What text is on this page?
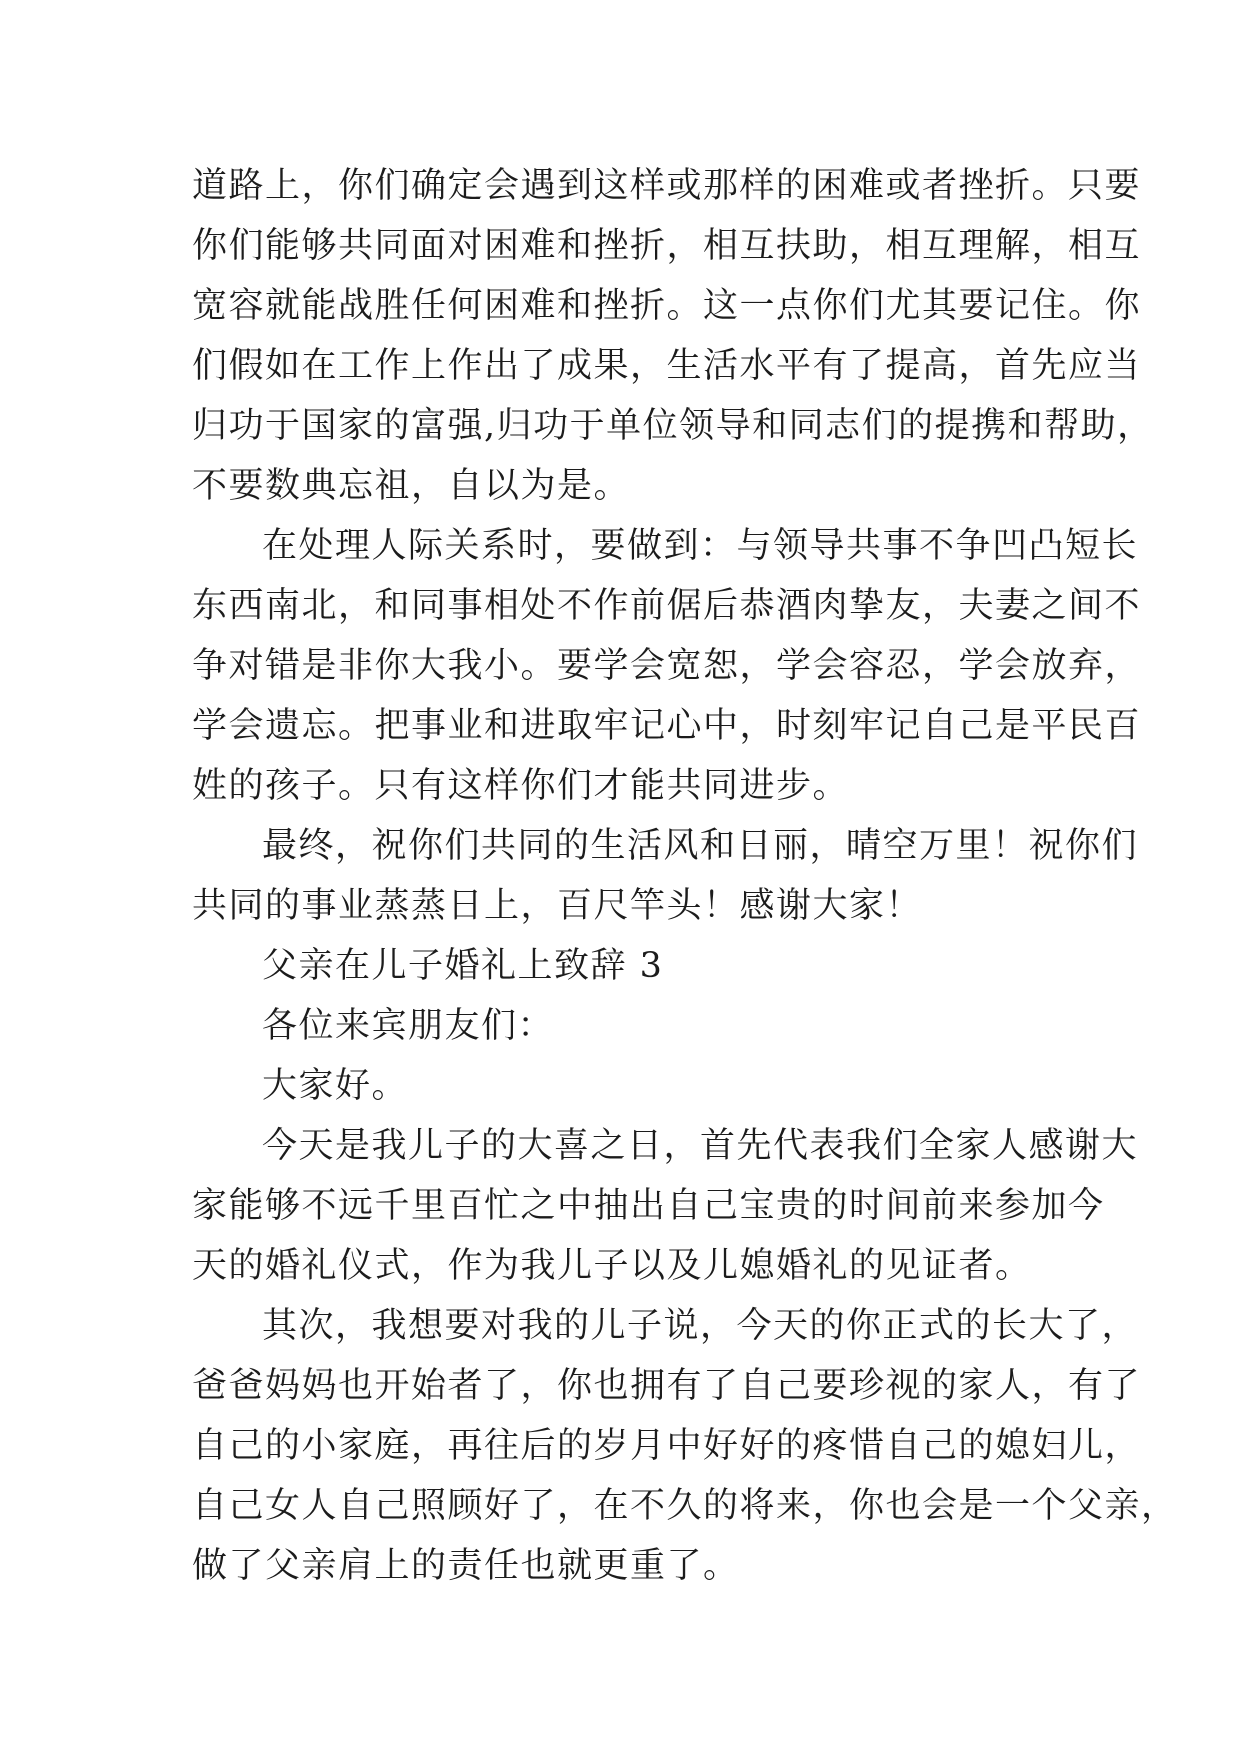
道路上，你们确定会遇到这样或那样的困难或者挫折。只要
你们能够共同面对困难和挫折，相互扶助，相互理解，相互
宽容就能战胜任何困难和挫折。这一点你们尤其要记住。你
们假如在工作上作出了成果，生活水平有了提高，首先应当
归功于国家的富强,归功于单位领导和同志们的提携和帮助，
不要数典忘祖，自以为是。
在处理人际关系时，要做到：与领导共事不争凹凸短长
东西南北，和同事相处不作前倨后恭酒肉挚友，夫妻之间不
争对错是非你大我小。要学会宽恕，学会容忍，学会放弃，
学会遗忘。把事业和进取牢记心中，时刻牢记自己是平民百
姓的孩子。只有这样你们才能共同进步。
最终，祝你们共同的生活风和日丽，晴空万里！祝你们
共同的事业蒸蒸日上，百尺竿头！感谢大家！
父亲在儿子婚礼上致辞 3
各位来宾朋友们：
大家好。
今天是我儿子的大喜之日，首先代表我们全家人感谢大
家能够不远千里百忙之中抽出自己宝贵的时间前来参加今
天的婚礼仪式，作为我儿子以及儿媳婚礼的见证者。
其次，我想要对我的儿子说，今天的你正式的长大了，
爸爸妈妈也开始者了，你也拥有了自己要珍视的家人，有了
自己的小家庭，再往后的岁月中好好的疼惜自己的媳妇儿，
自己女人自己照顾好了，在不久的将来，你也会是一个父亲，
做了父亲肩上的责任也就更重了。
